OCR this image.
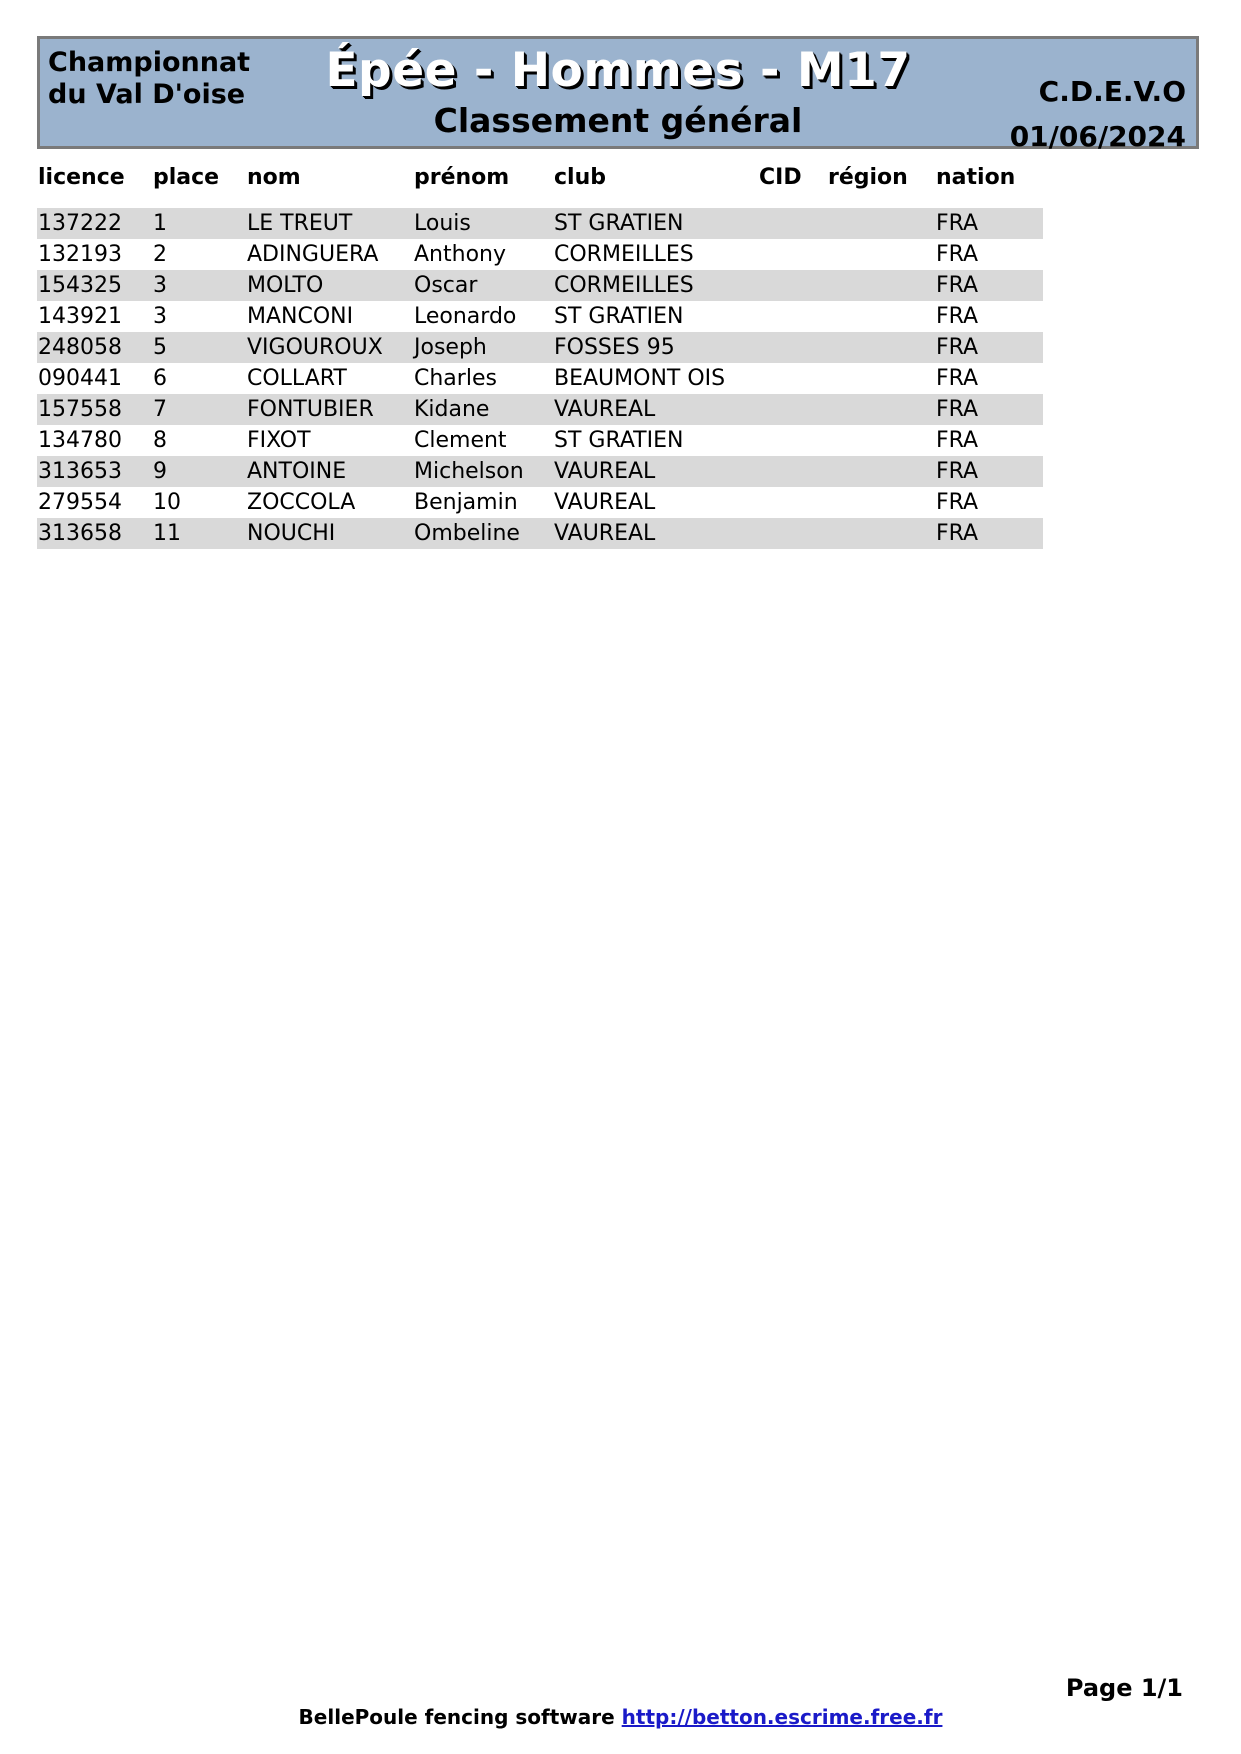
Championnat
du Val D'oise	Épée - Hommes - M17
Classement général
C.D.E.V.O
01/06/2024
licence	place	nom	prénom	club	CID	région	nation

137222	1	LE TREUT	Louis	ST GRATIEN			FRA
132193	2	ADINGUERA	Anthony	CORMEILLES			FRA
154325	3	MOLTO	Oscar	CORMEILLES			FRA
143921	3	MANCONI	Leonardo	ST GRATIEN			FRA
248058	5	VIGOUROUX	Joseph	FOSSES 95			FRA
090441	6	COLLART	Charles	BEAUMONT OIS			FRA
157558	7	FONTUBIER	Kidane	VAUREAL			FRA
134780	8	FIXOT	Clement	ST GRATIEN			FRA
313653	9	ANTOINE	Michelson	VAUREAL			FRA
279554	10	ZOCCOLA	Benjamin	VAUREAL			FRA
313658	11	NOUCHI	Ombeline	VAUREAL			FRA
Page 1/1
BellePoule fencing software http://betton.escrime.free.fr
